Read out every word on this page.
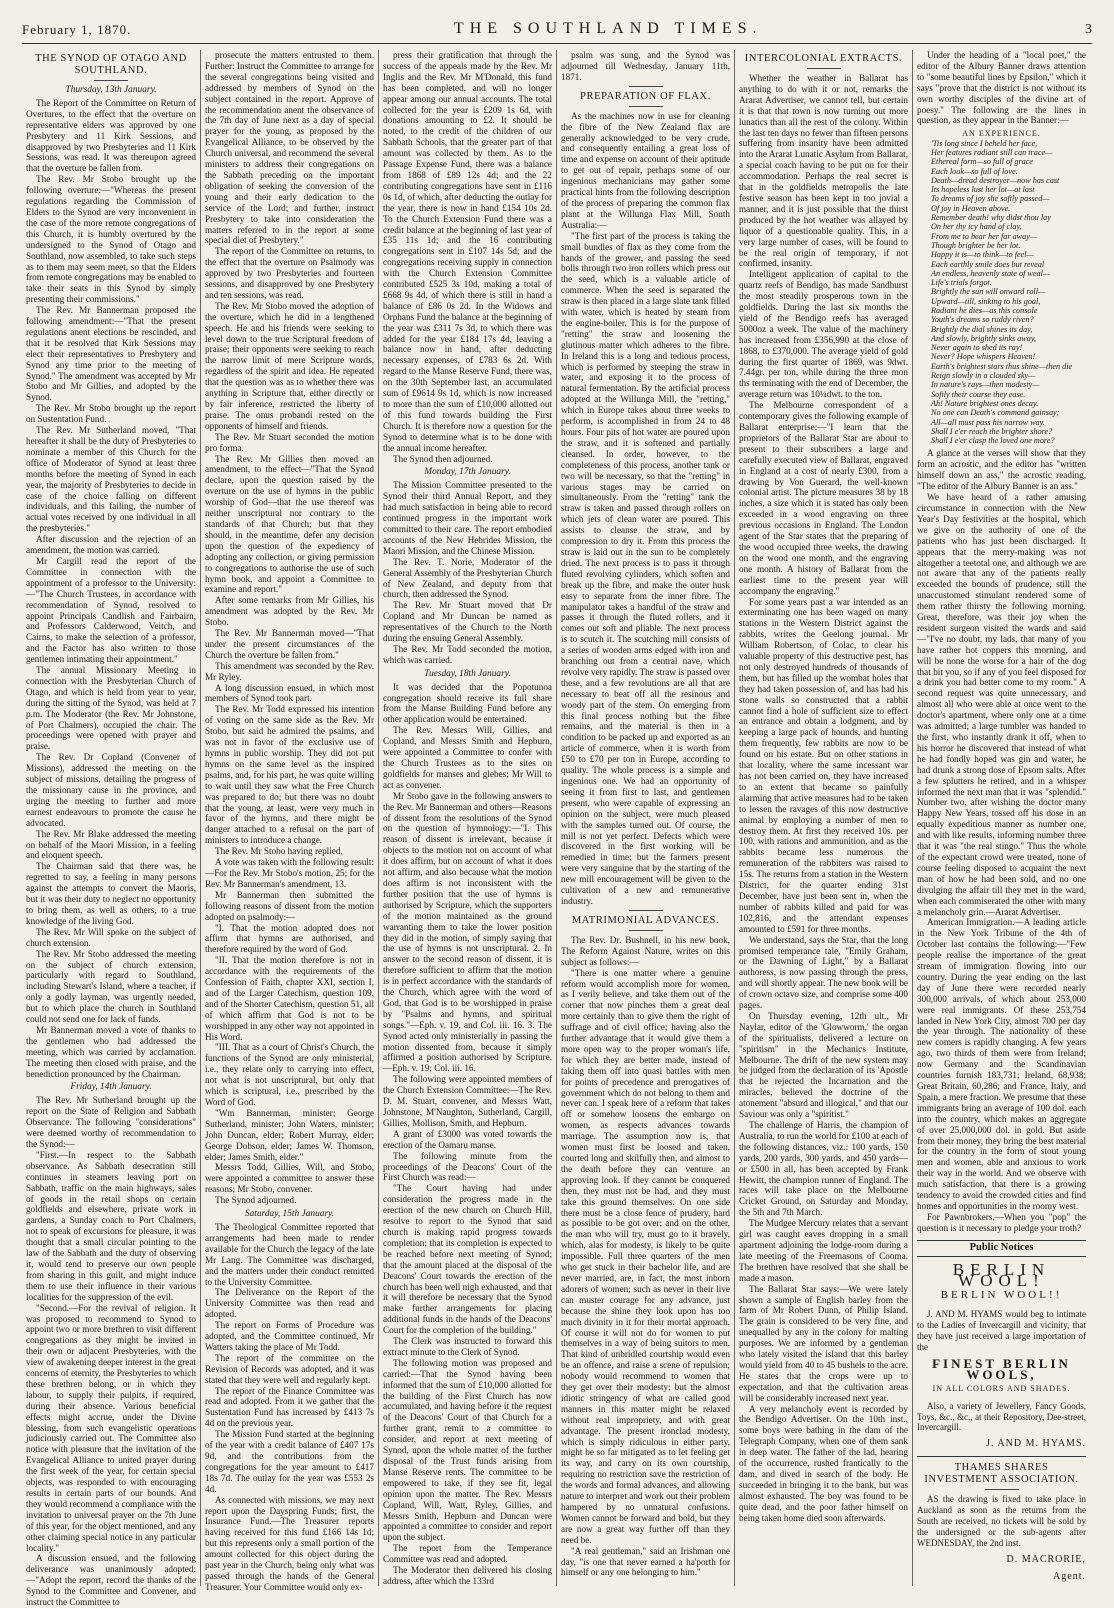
February 1, 1870.	THE SOUTHLAND TIMES.	3
THE SYNOD OF OTAGO AND SOUTHLAND.
Thursday, 13th January.

The Report of the Committee on Return of Overtures, to the effect that the overture on representative elders was approved by one Presbytery and 11 Kirk Sessions, and disapproved by two Presbyteries and 11 Kirk Sessions, was read. It was thereupon agreed that the overture be fallen from.

The Rev. Mr Stobo brought up the following overture:—"Whereas the present regulations regarding the Commission of Elders to the Synod are very inconvenient in the case of the more remote congregations of this Church, it is humbly overtured by the undersigned to the Synod of Otago and Southland, now assembled, to take such steps as to them may seem meet, so that the Elders from remote congregations may be enabled to take their seats in this Synod by simply presenting their commissions."

The Rev. Mr Bannerman proposed the following amendment:—"That the present regulations anent elections be rescinded, and that it be resolved that Kirk Sessions may elect their representatives to Presbytery and Synod any time prior to the meeting of Synod." The amendment was accepted by Mr Stobo and Mr Gillies, and adopted by the Synod.

The Rev. Mr Stobo brought up the report on Sustentation Fund.

The Rev. Mr Sutherland moved, "That hereafter it shall be the duty of Presbyteries to nominate a member of this Church for the office of Moderator of Synod at least three months before the meeting of Synod in each year, the majority of Presbyteries to decide in case of the choice falling on different individuals, and this failing, the number of actual votes received by one individual in all the presbyteries."

After discussion and the rejection of an amendment, the motion was carried.

Mr Cargill read the report of the Committee in connection with the appointment of a professor to the University:—"The Church Trustees, in accordance with recommendation of Synod, resolved to appoint Principals Candlish and Fairbairn, and Professors Calderwood, Veitch, and Cairns, to make the selection of a professor, and the Factor has also written to those gentlemen intimating their appointment."

The annual Missionary Meeting in connection with the Presbyterian Church of Otago, and which is held from year to year, during the sitting of the Synod, was held at 7 p.m. The Moderator (the Rev. Mr Johnstone, of Port Chalmers), occupied the chair. The proceedings were opened with prayer and praise.

The Rev. Dr Copland (Convener of Missions), addressed the meeting on the subject of missions, detailing the progress of the missionary cause in the province, and urging the meeting to further and more earnest endeavours to promote the cause he advocated.

The Rev. Mr Blake addressed the meeting on behalf of the Maori Mission, in a feeling and eloquent speech.

The Chairman said that there was, he regretted to say, a feeling in many persons against the attempts to convert the Maoris, but it was their duty to neglect no opportunity to bring them, as well as others, to a true knowledge of the living God.

The Rev. Mr Will spoke on the subject of church extension.

The Rev. Mr Stobo addressed the meeting on the subject of church extension, particularly with regard to Southland, including Stewart's Island, where a teacher, if only a godly layman, was urgently needed, but to which place the church in Southland could not send one for lack of funds.

Mr Bannerman moved a vote of thanks to the gentlemen who had addressed the meeting, which was carried by acclamation. The meeting then closed with praise, and the benediction pronounced by the Chairman.

Friday, 14th January.

The Rev. Mr Sutherland brought up the report on the State of Religion and Sabbath Observance. The following "considerations" were deemed worthy of recommendation to the Synod:—

"First.—In respect to the Sabbath observance. As Sabbath desecration still continues in steamers leaving port on Sabbath, traffic on the main highways, sales of goods in the retail shops on certain goldfields and elsewhere, private work in gardens, a Sunday coach to Port Chalmers, not to speak of excursions for pleasure, it was thought that a small circular pointing to the law of the Sabbath and the duty of observing it, would tend to preserve our own people from sharing in this guilt, and might induce them to use their influence in their various localities for the suppression of the evil.

"Second.—For the revival of religion. It was proposed to recommend to Synod to appoint two or more brethren to visit different congregations as they might be invited in their own or adjacent Presbyteries, with the view of awakening deeper interest in the great concerns of eternity, the Presbyteries to which these brethren belong, or in which they labour, to supply their pulpits, if required, during their absence. Various beneficial effects might accrue, under the Divine blessing, from such evangelistic operations judiciously carried out. The Committee also notice with pleasure that the invitation of the Evangelical Alliance to united prayer during the first week of the year, for certain special objects, was responded to with encouraging results in certain parts of our bounds. And they would recommend a compliance with the invitation to universal prayer on the 7th June of this year, for the object mentioned, and any other claiming special notice in any particular locality."

A discussion ensued, and the following deliverance was unanimously adopted:—"Adopt the report, record the thanks of the Synod to the Committee and Convener, and instruct the Committee to

prosecute the matters entrusted to them. Further: Instruct the Committee to arrange for the several congregations being visited and addressed by members of Synod on the subject contained in the report. Approve of the recommendation anent the observance of the 7th day of June next as a day of special prayer for the young, as proposed by the Evangelical Alliance, to be observed by the Church universal, and recommend the several ministers to address their congregations on the Sabbath preceding on the important obligation of seeking the conversion of the young and their early dedication to the service of the Lord; and further, instruct Presbytery to take into consideration the matters referred to in the report at some special diet of Presbytery."

The report of the Committee on returns, to the effect that the overture on Psalmody was approved by two Presbyteries and fourteen sessions, and disapproved by one Presbytery and ten sessions, was read.

The Rev. Mr Stobo moved the adoption of the overture, which he did in a lengthened speech. He and his friends were seeking to level down to the true Scriptural freedom of praise; their opponents were seeking to reach the narrow limit of mere Scripture words, regardless of the spirit and idea. He repeated that the question was as to whether there was anything in Scripture that, either directly or by fair inference, restricted the liberty of praise. The onus probandi rested on the opponents of himself and friends.

The Rev. Mr Stuart seconded the motion pro forma.

The Rev. Mr Gillies then moved an amendment, to the effect—"That the Synod declare, upon the question raised by the overture on the use of hymns in the public worship of God—that the use thereof was neither unscriptural nor contrary to the standards of that Church; but that they should, in the meantime, defer any decision upon the question of the expediency of adopting any collection, or giving permission to congregations to authorise the use of such hymn book, and appoint a Committee to examine and report."

After some remarks from Mr Gillies, his amendment was adopted by the Rev. Mr Stobo.

The Rev. Mr Bannerman moved—"That under the present circumstances of the Church the overture be fallen from."

This amendment was seconded by the Rev. Mr Ryley.

A long discussion ensued, in which most members of Synod took part.

The Rev. Mr Todd expressed his intention of voting on the same side as the Rev. Mr Stobo, but said he admired the psalms, and was not in favor of the exclusive use of hymns in public worship. They did not put hymns on the same level as the inspired psalms, and, for his part, he was quite willing to wait until they saw what the Free Church was prepared to do; but there was no doubt that the young, at least, were very much in favor of the hymns, and there might be danger attached to a refusal on the part of ministers to introduce a change.

The Rev. Mr Stobo having replied,

A vote was taken with the following result:—For the Rev. Mr Stobo's motion, 25; for the Rev. Mr Bannerman's amendment, 13.

Mr Bannerman then submitted the following reasons of dissent from the motion adopted on psalmody:—

"I. That the motion adopted does not affirm that hymns are authorised, and therefore required by the word of God.

"II. That the motion therefore is not in accordance with the requirements of the Confession of Faith, chapter XXI, section I, and of the Larger Catechism, question 109, and of the Shorter Catechism, question 51, all of which affirm that God is not to be worshipped in any other way not appointed in His Word.

"III. That as a court of Christ's Church, the functions of the Synod are only ministerial, i.e., they relate only to carrying into effect, not what is not unscriptural, but only that which is scriptural, i.e., prescribed by the Word of God.

"Wm Bannerman, minister; George Sutherland, minister; John Waters, minister; John Duncan, elder; Robert Murray, elder; George Dobson, elder; James W. Thomson, elder; James Smith, elder."

Messrs Todd, Gillies, Will, and Stobo, were appointed a committee to answer these reasons; Mr Stobo, convener.

The Synod adjourned.

Saturday, 15th January.

The Theological Committee reported that arrangements had been made to render available for the Church the legacy of the late Mr Lang. The Committee was discharged, and the matters under their conduct remitted to the University Committee.

The Deliverance on the Report of the University Committee was then read and adopted.

The report on Forms of Procedure was adopted, and the Committee continued, Mr Watters taking the place of Mr Todd.

The report of the committee on the Revision of Records was adopted, and it was stated that they were well and regularly kept.

The report of the Finance Committee was read and adopted. From it we gather that the Sustentation Fund has increased by £413 7s 4d on the previous year.

The Mission Fund started at the beginning of the year with a credit balance of £407 17s 9d, and the contributions from the congregations for the year amount to £417 18s 7d. The outlay for the year was £553 2s 4d.

As connected with missions, we may next report upon the Dayspring Funds; first, the Insurance Fund.—The Treasurer reports having received for this fund £166 14s 1d; but this represents only a small portion of the amount collected for this object during the past year in the Church, being only what was passed through the hands of the General Treasurer. Your Committee would only ex-

press their gratification that through the success of the appeals made by the Rev. Mr Inglis and the Rev. Mr M'Donald, this fund has been completed, and will no longer appear among our annual accounts. The total collected for the year is £209 1s 6d, with donations amounting to £2. It should be noted, to the credit of the children of our Sabbath Schools, that the greater part of that amount was collected by them. As to the Passage Expense Fund, there was a balance from 1868 of £89 12s 4d; and the 22 contributing congregations have sent in £116 0s 1d, of which, after deducting the outlay for the year, there is now in hand £154 10s 2d. To the Church Extension Fund there was a credit balance at the beginning of last year of £35 11s 1d; and the 16 contributing congregations sent in £107 14s 5d; and the congregations receiving supply in connection with the Church Extension Committee contributed £525 3s 10d, making a total of £668 9s 4d, of which there is still in hand a balance of £86 0s 2d. In the Widows and Orphans Fund the balance at the beginning of the year was £311 7s 3d, to which there was added for the year £184 17s 4d, leaving a balance now in hand, after deducting necessary expenses, of £783 6s 2d. With regard to the Manse Reserve Fund, there was, on the 30th September last, an accumulated sum of £9614 9s 1d, which is now increased to more than the sum of £10,000 allotted out of this fund towards building the First Church. It is therefore now a question for the Synod to determine what is to be done with the annual income hereafter.

The Synod then adjourned.

Monday, 17th January.

The Mission Committee presented to the Synod their third Annual Report, and they had much satisfaction in being able to record continued progress in the important work committed to their care. The report embodied accounts of the New Hebrides Mission, the Maori Mission, and the Chinese Mission.

The Rev. T. Norie, Moderator of the General Assembly of the Presbyterian Church of New Zealand, and deputy from that church, then addressed the Synod.

The Rev. Mr Stuart moved that Dr Copland and Mr Duncan be named as representatives of the Church to the North during the ensuing General Assembly.

The Rev. Mr Todd seconded the motion, which was carried.

Tuesday, 18th January.

It was decided that the Popotunoa congregation should receive its full share from the Manse Building Fund before any other application would be entertained.

The Rev. Messrs Will, Gillies, and Copland, and Messrs Smith and Hepburn, were appointed a Committee to confer with the Church Trustees as to the sites on goldfields for manses and glebes; Mr Will to act as convener.

Mr Stobo gave in the following answers to the Rev. Mr Bannerman and others—Reasons of dissent from the resolutions of the Synod on the question of hymnology:—"I. This reason of dissent is irrelevant, because it objects to the motion not on account of what it does affirm, but on account of what it does not affirm, and also because what the motion does affirm is not inconsistent with the further position that the use of hymns is authorised by Scripture, which the supporters of the motion maintained as the ground warranting them to take the lower position they did in the motion, of simply saying that the use of hymns is not unscriptural. 2. In answer to the second reason of dissent, it is therefore sufficient to affirm that the motion is in perfect accordance with the standards of the Church, which agree with the word of God, that God is to be worshipped in praise by "Psalms and hymns, and spiritual songs."—Eph. v. 19, and Col. iii. 16. 3. The Synod acted only ministerially in passing the motion dissented from, because it simply affirmed a position authorised by Scripture.—Eph. v. 19; Col. iii. 16.

The following were appointed members of the Church Extension Committee:—The Rev. D. M. Stuart, convener, and Messrs Watt, Johnstone, M'Naughton, Sutherland, Cargill, Gillies, Mollison, Smith, and Hepburn.

A grant of £3000 was voted towards the erection of the Oamaru manse.

The following minute from the proceedings of the Deacons' Court of the First Church was read:—

"The Court having had under consideration the progress made in the erection of the new church on Church Hill, resolve to report to the Synod that said church is making rapid progress towards completion; that its completion is expected to be reached before next meeting of Synod; that the amount placed at the disposal of the Deacons' Court towards the erection of the church has been well nigh exhausted, and that it will therefore be necessary that the Synod make further arrangements for placing additional funds in the hands of the Deacons' Court for the completion of the building."

The Clerk was instructed to forward this extract minute to the Clerk of Synod.

The following motion was proposed and carried:—That the Synod having been informed that the sum of £10,000 allotted for the building of the First Church has now accumulated, and having before it the request of the Deacons' Court of that Church for a further grant, remit to a committee to consider, and report at next meeting of Synod, upon the whole matter of the further disposal of the Trust funds arising from Manse Reserve rents. The committee to be empowered to take, if they see fit, legal opinion upon the matter. The Rev. Messrs Copland, Will, Watt, Ryley, Gillies, and Messrs Smith, Hepburn and Duncan were appointed a committee to consider and report upon the subject.

The report from the Temperance Committee was read and adopted.

The Moderator then delivered his closing address, after which the 133rd

psalm was sung, and the Synod was adjourned till Wednesday, January 11th, 1871.

PREPARATION OF FLAX.

As the machines now in use for cleaning the fibre of the New Zealand flax are generally acknowledged to be very crude, and consequently entailing a great loss of time and expense on account of their aptitude to get out of repair, perhaps some of our ingenious mechanicians may gather some practical hints from the following description of the process of preparing the common flax plant at the Willunga Flax Mill, South Australia:—

"The first part of the process is taking the small bundles of flax as they come from the hands of the grower, and passing the seed bolls through two iron rollers which press out the seed, which is a valuable article of commerce. When the seed is separated the straw is then placed in a large slate tank filled with water, which is heated by steam from the engine-boiler. This is for the purpose of "retting" the straw and loosening the glutinous matter which adheres to the fibre. In Ireland this is a long and tedious process, which is performed by steeping the straw in water, and exposing it to the process of natural fermentation. By the artificial process adopted at the Willunga Mill, the "retting," which in Europe takes about three weeks to perform, is accomplished in from 24 to 48 hours. Four pits of hot water are poured upon the straw, and it is softened and partially cleansed. In order, however, to the completeness of this process, another tank or two will be necessary, so that the "retting" in various stages may be carried on simultaneously. From the "retting" tank the straw is taken and passed through rollers on which jets of clean water are poured. This assists to cleanse the straw, and by compression to dry it. From this process the straw is laid out in the sun to be completely dried. The next process is to pass it through fluted revolving cylinders, which soften and break up the fibre, and make the outer husk easy to separate from the inner fibre. The manipulator takes a handful of the straw and passes it through the fluted rollers, and it comes out soft and pliable. The next process is to scutch it. The scutching mill consists of a series of wooden arms edged with iron and branching out from a central nave, which revolve very rapidly. The straw is passed over these, and a few revolutions are all that are necessary to beat off all the resinous and woody part of the stem. On emerging from this final process nothing but the fibre remains, and the material is then in a condition to be packed up and exported as an article of commerce, when it is worth from £50 to £70 per ton in Europe, according to quality. The whole process is a simple and ingenious one. We had an opportunity of seeing it from first to last, and gentlemen present, who were capable of expressing an opinion on the subject, were much pleased with the samples turned out. Of course, the mill is not yet perfect. Defects which were discovered in the first working will be remedied in time; but the farmers present were very sanguine that by the starting of the new mill encouragement will be given to the cultivation of a new and remunerative industry.

MATRIMONIAL ADVANCES.

The Rev. Dr. Bushnell, in his new book, The Reform Against Nature, writes on this subject as follows:—

"There is one matter where a genuine reform would accomplish more for women, as I verily believe, and take them out of the corner that now pinches them a great deal more certainly than to give them the right of suffrage and of civil office; having also the further advantage that it would give them a more open way to the proper woman's life, for which they are better made, instead of taking them off into quasi battles with men for points of precedence and prerogatives of government which do not belong to them and never can. I speak here of a reform that takes off or somehow loosens the embargo on women, as respects advances towards marriage. The assumption now is, that women must first be loosed and taken, courted long and skilfully then, and almost to the death before they can venture an approving look. If they cannot be conquered then, they must not be had, and they must take this ground themselves. On one side there must be a close fence of prudery, hard as possible to be got over; and on the other, the man who will try, must go to it bravely, which, alas for modesty, is likely to be quite impossible. Full three quarters of the men who get stuck in their bachelor life, and are never married, are, in fact, the most inborn adorers of women; such as never in their live can muster courage for any advance, just because the shine they look upon has too much divinity in it for their mortal approach. Of course it will not do for women to put themselves in a way of being suitors to men. That kind of unbridled courtship would even be an offence, and raise a scene of repulsion; nobody would recommend to women that they get over their modesty; but the almost idiotic stringency of what are called good manners in this matter might be relaxed without real impropriety, and with great advantage. The present ironclad modesty, which is simply ridiculous in either party, might be so far mitigated as to let feeling get its way, and carry on its own courtship, requiring no restriction save the restriction of the words and formal advances, and allowing nature to interpret and work out their problem hampered by no unnatural confusions. Women cannot be forward and bold, but they are now a great way further off than they need be.

"A real gentleman," said an Irishman one day, "is one that never earned a ha'porth for himself or any one belonging to him."

INTERCOLONIAL EXTRACTS.

Whether the weather in Ballarat has anything to do with it or not, remarks the Ararat Advertiser, we cannot tell, but certain it is that that town is now turning out more lunatics than all the rest of the colony. Within the last ten days no fewer than fifteen persons suffering from insanity have been admitted into the Ararat Lunatic Asylum from Ballarat, a special coach having to be put on for their accommodation. Perhaps the real secret is that in the goldfields metropolis the late festive season has been kept in too jovial a manner, and it is just possible that the thirst produced by the hot weather was allayed by liquor of a questionable quality. This, in a very large number of cases, will be found to be the real origin of temporary, if not confirmed, insanity.

Intelligent application of capital to the quartz reefs of Bendigo, has made Sandhurst the most steadily prosperous town in the goldfields. During the last six months the yield of the Bendigo reefs has averaged 5000oz a week. The value of the machinery has increased from £356,990 at the close of 1868, to £370,000. The average yield of gold during the first quarter of 1869, was 9dwt. 7.44gr. per ton, while during the three mon ths terminating with the end of December, the average return was 10¼dwt. to the ton.

The Melbourne correspondent of a contemporary gives the following example of Ballarat enterprise:—"I learn that the proprietors of the Ballarat Star are about to present to their subscribers a large and carefully executed view of Ballarat, engraved in England at a cost of nearly £300, from a drawing by Von Guerard, the well-known colonial artist. The picture measures 38 by 18 inches, a size which it is stated has only been exceeded in a wood engraving on three previous occasions in England. The London agent of the Star states that the preparing of the wood occupied three weeks, the drawing on the wood one month, and the engraving one month. A history of Ballarat from the earliest time to the present year will accompany the engraving."

For some years past a war intended as an exterminating one has been waged on many stations in the Western District against the rabbits, writes the Geelong journal. Mr William Robertson, of Colac, to clear his valuable property of this destructive pest, has not only destroyed hundreds of thousands of them, but has filled up the wombat holes that they had taken possession of, and has had his stone walls so constructed that a rabbit cannot find a hole of sufficient size to effect an entrance and obtain a lodgment, and by keeping a large pack of hounds, and hunting them frequently, few rabbits are now to be found on his estate. But on other stations in that locality, where the same incessant war has not been carried on, they have increased to an extent that became so painfully alarming that active measures had to be taken to lessen the ravages of this now destructive animal by employing a number of men to destroy them. At first they received 10s. per 100, with rations and ammunition, and as the rabbits became less numerous the remuneration of the rabbiters was raised to 15s. The returns from a station in the Western District, for the quarter ending 31st December, have just been sent in, when the number of rabbits killed and paid for was 102,816, and the attendant expenses amounted to £591 for three months.

We understand, says the Star, that the long promised temperance tale, "Emily Graham, or the Dawning of Light," by a Ballarat authoress, is now passing through the press, and will shortly appear. The new book will be of crown octavo size, and comprise some 400 pages.

On Thursday evening, 12th ult., Mr Naylar, editor of the 'Glowworm,' the organ of the spiritualists, delivered a lecture on "spiritism" in the Mechanics Institute, Melbourne. The drift of the new system may be judged from the declaration of its 'Apostle that he rejected the Incarnation and the miracles, believed the doctrine of the atonement "absurd and illogical," and that our Saviour was only a "spiritist."

The challenge of Harris, the champion of Australia, to run the world for £100 at each of the following distances, viz.: 100 yards, 150 yards, 200 yards, 300 yards, and 450 yards—or £500 in all, has been accepted by Frank Hewitt, the champion runner of England. The races will take place on the Melbourne Cricket Ground, on Saturday and Monday, the 5th and 7th March.

The Mudgee Mercury relates that a servant girl was caught eaves dropping in a small apartment adjoining the lodge-room during a late meeting of the Freemasons of Cooma. The brethren have resolved that she shall be made a mason.

The Ballarat Star says:—We were lately shown a sample of English barley from the farm of Mr Robert Dunn, of Philip Island. The grain is considered to be very fine, and unequalled by any in the colony for malting purposes. We are informed by a gentleman who lately visited the island that this barley would yield from 40 to 45 bushels to the acre. He states that the crops were up to expectation, and that the cultivation areas will be considerably increased next year.

A very melancholy event is recorded by the Bendigo Advertiser. On the 10th inst., some boys were bathing in the dam of the Telegraph Company, when one of them sank in deep water. The father of the lad, hearing of the occurrence, rushed frantically to the dam, and dived in search of the body. He succeeded in bringing it to the bank, but was almost exhausted. The boy was found to be quite dead, and the poor father himself on being taken home died soon afterwards.

Under the heading of a "local poet," the editor of the Albury Banner draws attention to "some beautiful lines by Epsilon," which it says "prove that the district is not without its own worthy disciples of the divine art of poesy." The following are the lines in question, as they appear in the Banner:—

AN EXPERIENCE.
'Tis long since I beheld her face,
Her features radiant still can trace—
Ethereal form—so full of grace
Each look—so full of love.
Death—dread destroyer—now has cast
Its hopeless lust her lot—at last
To dreams of joy she softly passed—
Of joy in Heaven above.
Remember death! why didst thou lay
On her thy icy hand of clay,
From me to bear her far away—
Though brighter be her lot.
Happy it is—to think—to feel—
Each earthly smile does but reveal
An endless, heavenly state of weal—
Life's trials forgot.
Brightly the sun will onward roll—
Upward—till, sinking to his goal,
Radiant he dies—as this console
Youth's dreams so ruddy riven?
Brightly the dial shines its day,
And slowly, brightly sinks away,
Never again to shed its ray!
Never? Hope whispers Heaven!
Earth's brightest stars thus shine—then die
Reign slowly in a clouded sky—
In nature's rays—then modesty—
Softly their course they ease.
Ah! Nature brightest ones decay.
No one can Death's command gainsay;
All—all must pass his narrow way.
Shall I e'er reach the brighter shore?
Shall I e'er clasp the loved one more?

A glance at the verses will show that they form an acrostic, and the editor has "written himself down an ass," the acrostic reading, "The editor of the Albury Banner is an ass."

We have heard of a rather amusing circumstance in connection with the New Year's Day festivities at the hospital, which we give on the authority of one of the patients who has just been discharged. It appears that the merry-making was not altogether a teetotal one, and although we are not aware that any of the patients really exceeded the bounds of prudence, still the unaccustomed stimulant rendered some of them rather thirsty the following morning. Great, therefore, was their joy when the resident surgeon visited the wards and said—"I've no doubt, my lads, that many of you have rather hot coppers this morning, and will be none the worse for a hair of the dog that bit you, so if any of you feel disposed for a drink you had better come to my room." A second request was quite unnecessary, and almost all who were able at once went to the doctor's apartment, where only one at a time was admitted; a large tumbler was handed to the first, who instantly drank it off, when to his horror he discovered that instead of what he had fondly hoped was gin and water, he had drunk a strong dose of Epsom salts. After a few splutters he retired, and in a whisper informed the next man that it was "splendid." Number two, after wishing the doctor many Happy New Years, tossed off his dose in an equally expeditious manner as number one, and with like results, informing number three that it was "the real stingo." Thus the whole of the expectant crowd were treated, none of course feeling disposed to acquaint the next man of how he had been sold, and no one divulging the affair till they met in the ward, when each commiserated the other with many a melancholy grin.—Ararat Advertiser.

American Immigration.—A leading article in the New York Tribune of the 4th of October last contains the following:—"Few people realise the importance of the great stream of immigration flowing into our country. During the year ending on the last day of June there were recorded nearly 300,000 arrivals, of which about 253,000 were real immigrants. Of these 253,754 landed in New York City, almost 700 per day the year through. The nationality of these new comers is rapidly changing. A few years ago, two thirds of them were from Ireland; now Germany and the Scandinavian countries furnish 183,731; Ireland, 68,938; Great Britain, 60,286; and France, Italy, and Spain, a mere fraction. We presume that these immigrants bring an average of 100 dol. each into the country, which makes an aggregate of over 25,000,000 dol. in gold. But aside from their money, they bring the best material for the country in the form of stout young men and women, able and anxious to work their way in the world. And we observe with much satisfaction, that there is a growing tendency to avoid the crowded cities and find homes and opportunities in the roomy west.

For Pawnbrokers.—When you "pop" the question is it necessary to pledge your troth?

Public Notices
BERLIN WOOL!
BERLIN WOOL!!

J. AND M. HYAMS would beg to intimate to the Ladies of Invercargill and vicinity, that they have just received a large importation of the

FINEST BERLIN WOOLS,
IN ALL COLORS AND SHADES.

Also, a variety of Jewellery, Fancy Goods, Toys, &c., &c., at their Repository, Dee-street, Invercargill.

J. AND M. HYAMS.
THAMES SHARES INVESTMENT ASSOCIATION.

AS the drawing is fixed to take place in Auckland as soon as the returns from the South are received, no tickets will be sold by the undersigned or the sub-agents after WEDNESDAY, the 2nd inst.

D. MACRORIE,
Agent.
